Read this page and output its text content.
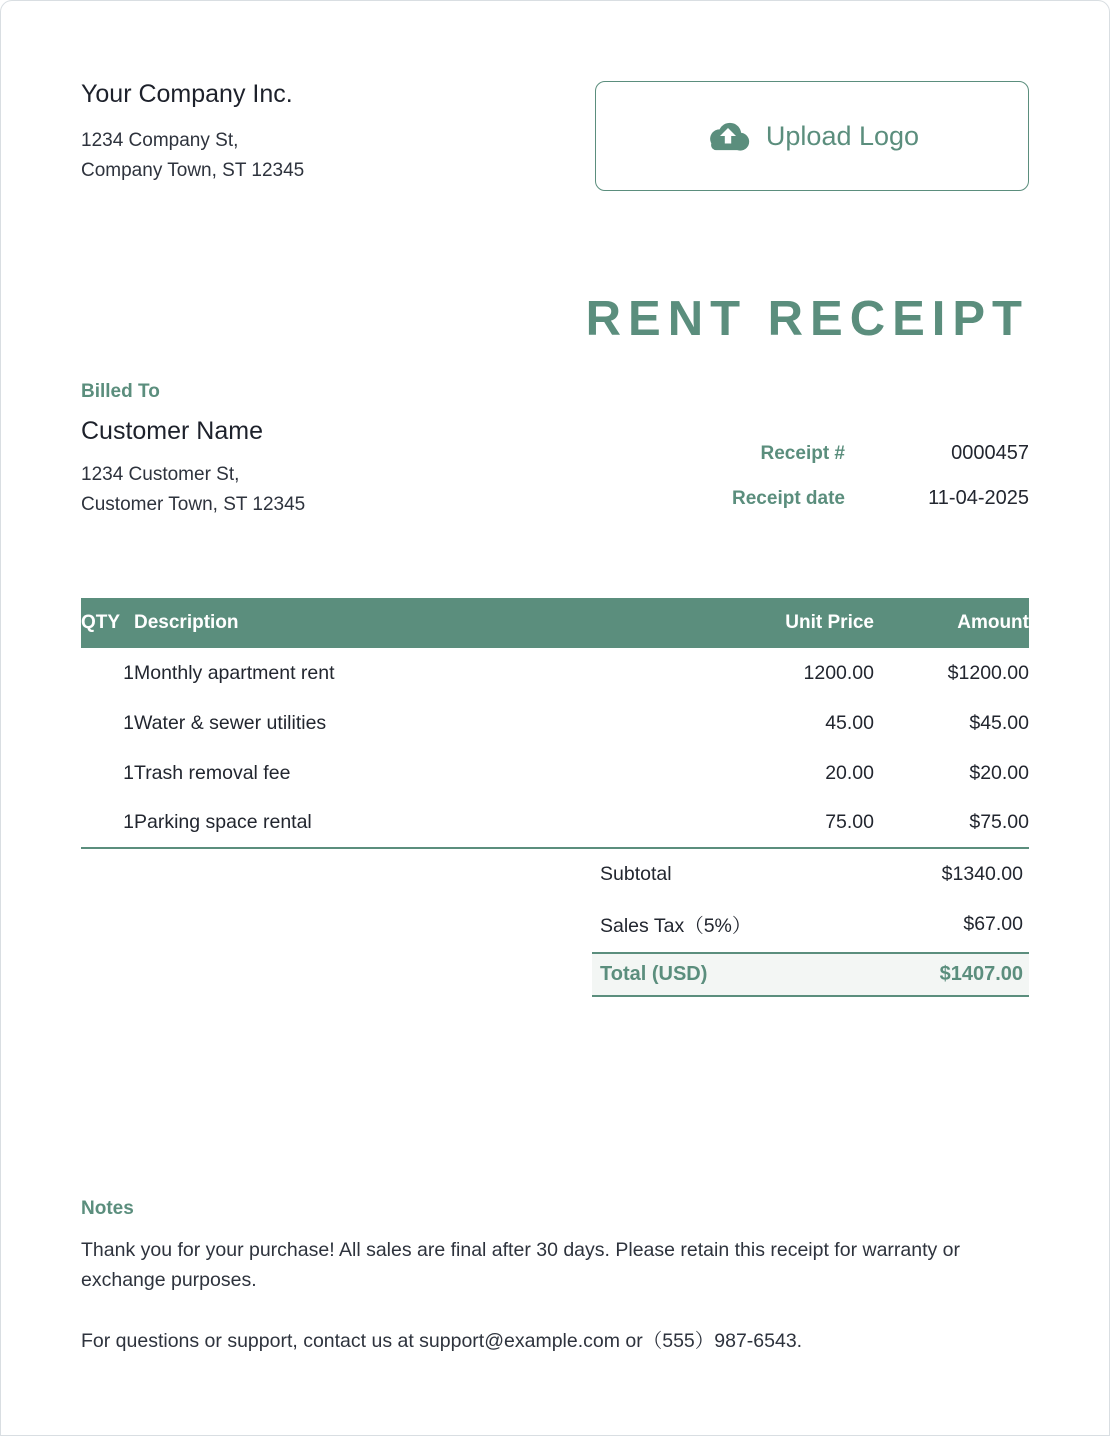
Your Company Inc.
1234 Company St,
Company Town, ST 12345
Upload Logo
RENT RECEIPT
Billed To
Customer Name
1234 Customer St,
Customer Town, ST 12345
Receipt #	0000457
Receipt date	11-04-2025
QTY	Description	Unit Price	Amount
1	Monthly apartment rent	1200.00	$1200.00
1	Water & sewer utilities	45.00	$45.00
1	Trash removal fee	20.00	$20.00
1	Parking space rental	75.00	$75.00
Subtotal	$1340.00
Sales Tax（5%）	$67.00
Total (USD)	$1407.00
Notes

Thank you for your purchase! All sales are final after 30 days. Please retain this receipt for warranty or exchange purposes.

For questions or support, contact us at support@example.com or（555）987-6543.
